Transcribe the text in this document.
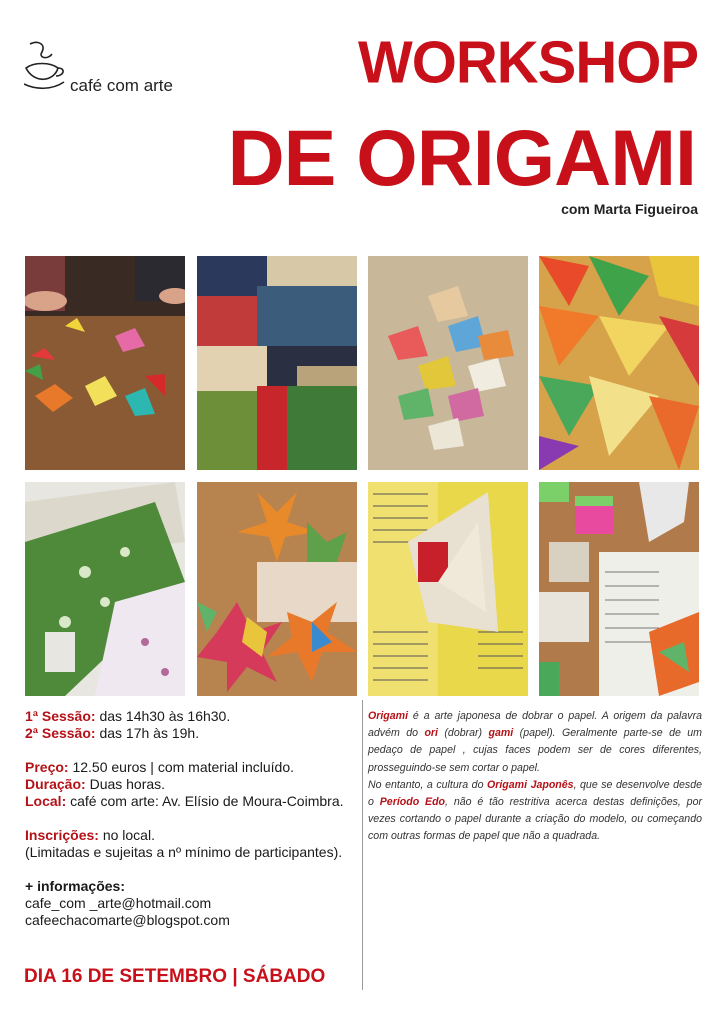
café com arte	WORKSHOP
DE ORIGAMI
com Marta Figueiroa

1ª Sessão: das 14h30 às 16h30.

2ª Sessão: das 17h às 19h.

Preço: 12.50 euros | com material incluído.

Duração: Duas horas.

Local: café com arte: Av. Elísio de Moura-Coimbra.

Inscrições: no local.

(Limitadas e sujeitas a nº mínimo de participantes).

+ informações:

cafe_com _arte@hotmail.com

cafeechacomarte@blogspot.com

DIA 16 DE SETEMBRO | SÁBADO

Origami é a arte japonesa de dobrar o papel. A origem da palavra advém do ori (dobrar) gami (papel). Geralmente parte-se de um pedaço de papel , cujas faces podem ser de cores diferentes, prosseguindo-se sem cortar o papel.

No entanto, a cultura do Origami Japonês, que se desenvolve desde o Período Edo, não é tão restritiva acerca destas definições, por vezes cortando o papel durante a criação do modelo, ou começando com outras formas de papel que não a quadrada.
